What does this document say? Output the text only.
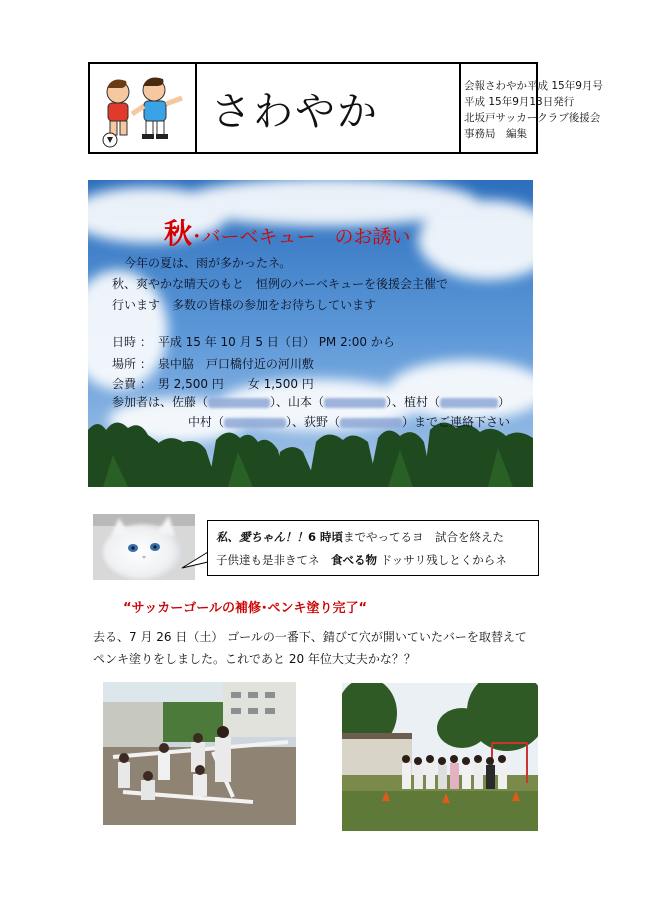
さわやか
会報さわやか平成 15年9月号
平成 15年9月13日発行
北坂戸サッカークラブ後援会
事務局　編集
秋･バーベキュー　のお誘い
　今年の夏は、雨が多かったネ。
秋、爽やかな晴天のもと　恒例のバーベキューを後援会主催で
行います　多数の皆様の参加をお待ちしています
日時 ：　平成 15 年 10 月 5 日（日） PM 2:00 から
場所 ：　泉中脇　戸口橋付近の河川敷
会費 ：　男 2,500 円　　女 1,500 円
参加者は、佐藤（	）、山本（	）、植村（	）
中村（	）、荻野（	）までご連絡下さい
私、愛ちゃん！！6 時頃までやってるヨ　試合を終えた
子供達も是非きてネ　食べる物 ドッサリ残しとくからネ
“サッカーゴールの補修･ペンキ塗り完了“
去る、7 月 26 日（土） ゴールの一番下、錆びて穴が開いていたバーを取替えて
ペンキ塗りをしました。これであと 20 年位大丈夫かな？？
